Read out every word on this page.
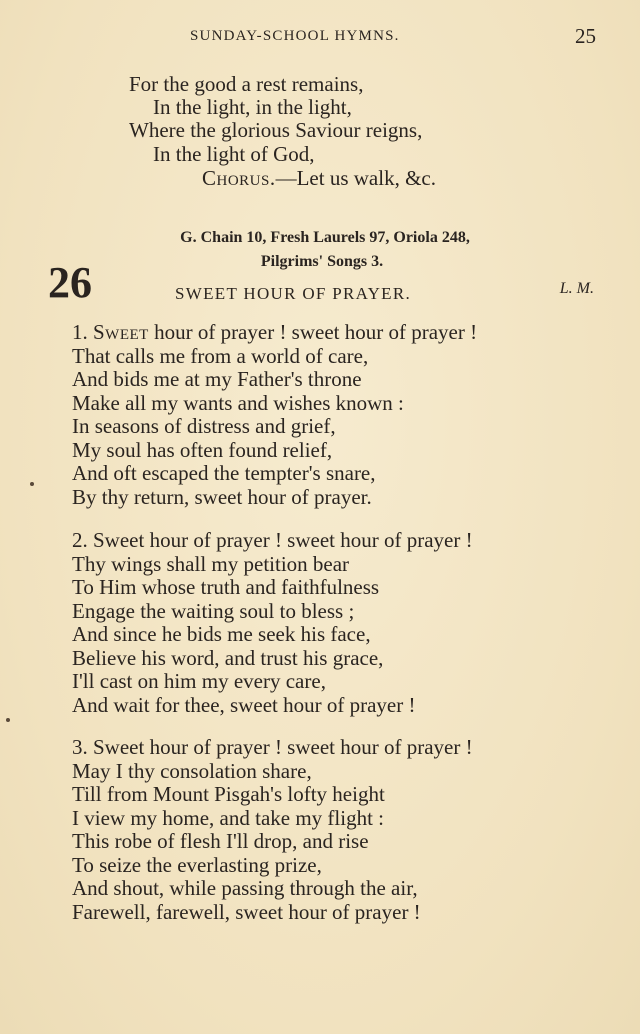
SUNDAY-SCHOOL HYMNS.	25
For the good a rest remains,
In the light, in the light,
Where the glorious Saviour reigns,
In the light of God,
Chorus.—Let us walk, &c.
G. Chain 10, Fresh Laurels 97, Oriola 248,
Pilgrims' Songs 3.
26	SWEET HOUR OF PRAYER.	L. M.
1. Sweet hour of prayer ! sweet hour of prayer !
That calls me from a world of care,
And bids me at my Father's throne
Make all my wants and wishes known :
In seasons of distress and grief,
My soul has often found relief,
And oft escaped the tempter's snare,
By thy return, sweet hour of prayer.
2. Sweet hour of prayer ! sweet hour of prayer !
Thy wings shall my petition bear
To Him whose truth and faithfulness
Engage the waiting soul to bless ;
And since he bids me seek his face,
Believe his word, and trust his grace,
I'll cast on him my every care,
And wait for thee, sweet hour of prayer !
3. Sweet hour of prayer ! sweet hour of prayer !
May I thy consolation share,
Till from Mount Pisgah's lofty height
I view my home, and take my flight :
This robe of flesh I'll drop, and rise
To seize the everlasting prize,
And shout, while passing through the air,
Farewell, farewell, sweet hour of prayer !
